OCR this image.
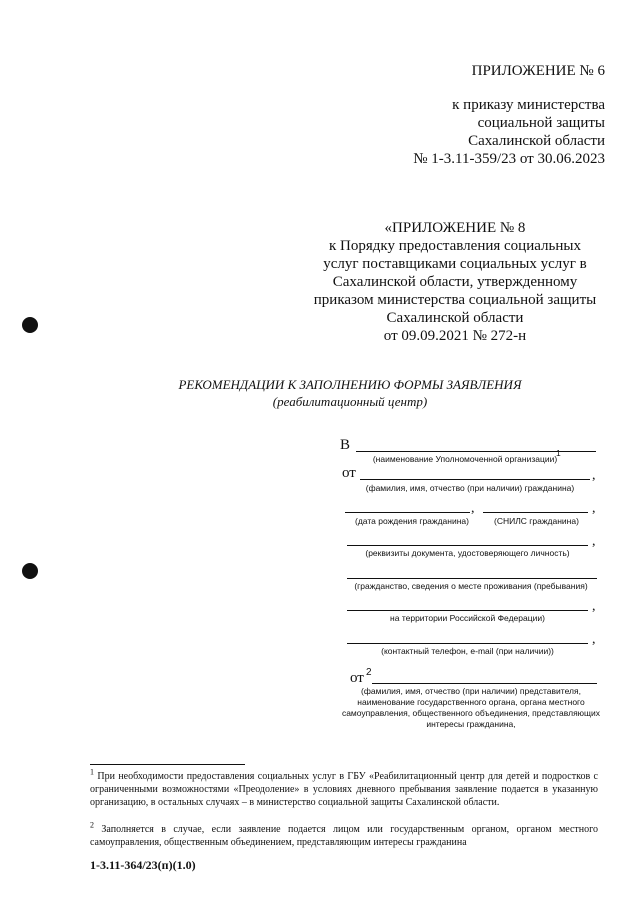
ПРИЛОЖЕНИЕ № 6
к приказу министерства
социальной защиты
Сахалинской области
№ 1-3.11-359/23 от 30.06.2023
«ПРИЛОЖЕНИЕ № 8
к Порядку предоставления социальных
услуг поставщиками социальных услуг в
Сахалинской области, утвержденному
приказом министерства социальной защиты
Сахалинской области
от 09.09.2021 № 272-н
РЕКОМЕНДАЦИИ К ЗАПОЛНЕНИЮ ФОРМЫ ЗАЯВЛЕНИЯ
(реабилитационный центр)
В
(наименование Уполномоченной организации)
1
от	,
(фамилия, имя, отчество (при наличии) гражданина)
,	,
(дата рождения гражданина)	(СНИЛС гражданина)
,
(реквизиты документа, удостоверяющего личность)
(гражданство, сведения о месте проживания (пребывания)
,
на территории Российской Федерации)
,
(контактный телефон, e-mail (при наличии))
от 2
(фамилия, имя, отчество (при наличии) представителя,
наименование государственного органа, органа местного
самоуправления, общественного объединения, представляющих
интересы гражданина,
$^1$ При необходимости предоставления социальных услуг в ГБУ «Реабилитационный центр для детей и подростков с ограниченными возможностями «Преодоление» в условиях дневного пребывания заявление подается в указанную организацию, в остальных случаях – в министерство социальной защиты Сахалинской области.
$^2$ Заполняется в случае, если заявление подается лицом или государственным органом, органом местного самоуправления, общественным объединением, представляющим интересы гражданина
1-3.11-364/23(п)(1.0)
